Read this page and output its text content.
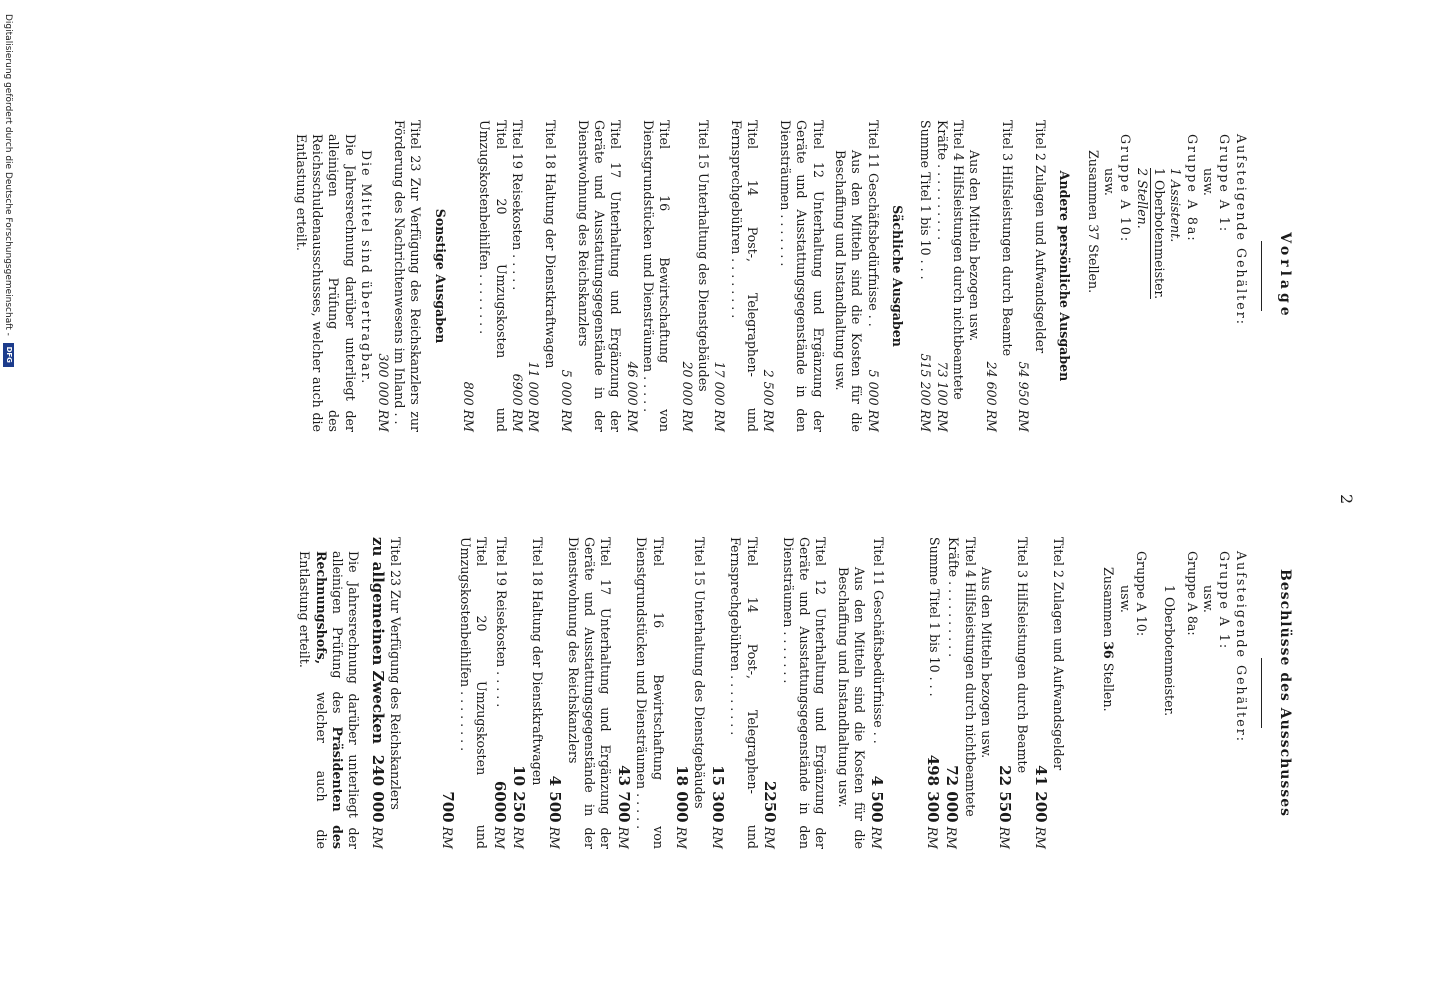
2
Vorlage
Aufsteigende Gehälter:
Gruppe A 1:
usw.
Gruppe A 8a:
1 Assistent.
1 Oberbotenmeister.
2 Stellen.
Gruppe A 10:
usw.
Zusammen 37 Stellen.
Andere persönliche Ausgaben
Titel 2 Zulagen und Aufwandsgelder
54 950 RM
Titel 3 Hilfsleistungen durch Beamte
24 600 RM
Aus den Mitteln bezogen usw.
Titel 4 Hilfsleistungen durch nichtbeamtete
Kräfte . . . . . . . . . .
73 100 RM
Summe Titel 1 bis 10 . . .
515 200 RM
Sächliche Ausgaben
Titel 11 Geschäftsbedürfnisse . .
5 000 RM
Aus den Mitteln sind die Kosten für die Beschaffung und Instandhaltung usw.
Titel 12 Unterhaltung und Ergänzung der Geräte und Ausstattungsgegenstände in den Diensträumen . . . . . . .
2 500 RM
Titel 14 Post-, Telegraphen- und Fernsprechgebühren . . . . . . . .
17 000 RM
Titel 15 Unterhaltung des Dienstgebäudes
20 000 RM
Titel 16 Bewirtschaftung von Dienstgrundstücken und Diensträumen . . . . .
46 000 RM
Titel 17 Unterhaltung und Ergänzung der Geräte und Ausstattungsgegenstände in der Dienstwohnung des Reichskanzlers
5 000 RM
Titel 18 Haltung der Dienstkraftwagen
11 000 RM
Titel 19 Reisekosten . . . . .
6900 RM
Titel 20 Umzugskosten und Umzugskostenbeihilfen . . . . . . . .
800 RM
Sonstige Ausgaben
Titel 23 Zur Verfügung des Reichskanzlers zur Förderung des Nachrichtenwesens im Inland . .
300 000 RM
Die Mittel sind übertragbar.
Die Jahresrechnung darüber unterliegt der alleinigen Prüfung des Reichsschuldenausschusses, welcher auch die Entlastung erteilt.
Beschlüsse des Ausschusses
Aufsteigende Gehälter:
Gruppe A 1:
usw.
Gruppe A 8a:
1 Oberbotenmeister.
Gruppe A 10:
usw.
Zusammen 36 Stellen.
Titel 2 Zulagen und Aufwandsgelder
41 200 RM
Titel 3 Hilfsleistungen durch Beamte
22 550 RM
Aus den Mitteln bezogen usw.
Titel 4 Hilfsleistungen durch nichtbeamtete
Kräfte . . . . . . . . . .
72 000 RM
Summe Titel 1 bis 10 . . .
498 300 RM
Titel 11 Geschäftsbedürfnisse . .
4 500 RM
Aus den Mitteln sind die Kosten für die Beschaffung und Instandhaltung usw.
Titel 12 Unterhaltung und Ergänzung der Geräte und Ausstattungsgegenstände in den Diensträumen . . . . . . .
2250 RM
Titel 14 Post-, Telegraphen- und Fernsprechgebühren . . . . . . . .
15 300 RM
Titel 15 Unterhaltung des Dienstgebäudes
18 000 RM
Titel 16 Bewirtschaftung von Dienstgrundstücken und Diensträumen . . . . .
43 700 RM
Titel 17 Unterhaltung und Ergänzung der Geräte und Ausstattungsgegenstände in der Dienstwohnung des Reichskanzlers
4 500 RM
Titel 18 Haltung der Dienstkraftwagen
10 250 RM
Titel 19 Reisekosten . . . . .
6000 RM
Titel 20 Umzugskosten und Umzugskostenbeihilfen . . . . . . . .
700 RM
Titel 23 Zur Verfügung des Reichskanzlers
zu allgemeinen Zwecken
240 000 RM
Die Jahresrechnung darüber unterliegt der alleinigen Prüfung des Präsidenten des Rechnungshofs, welcher auch die Entlastung erteilt.
Digitalisierung gefördert durch die Deutsche Forschungsgemeinschaft - DFG
